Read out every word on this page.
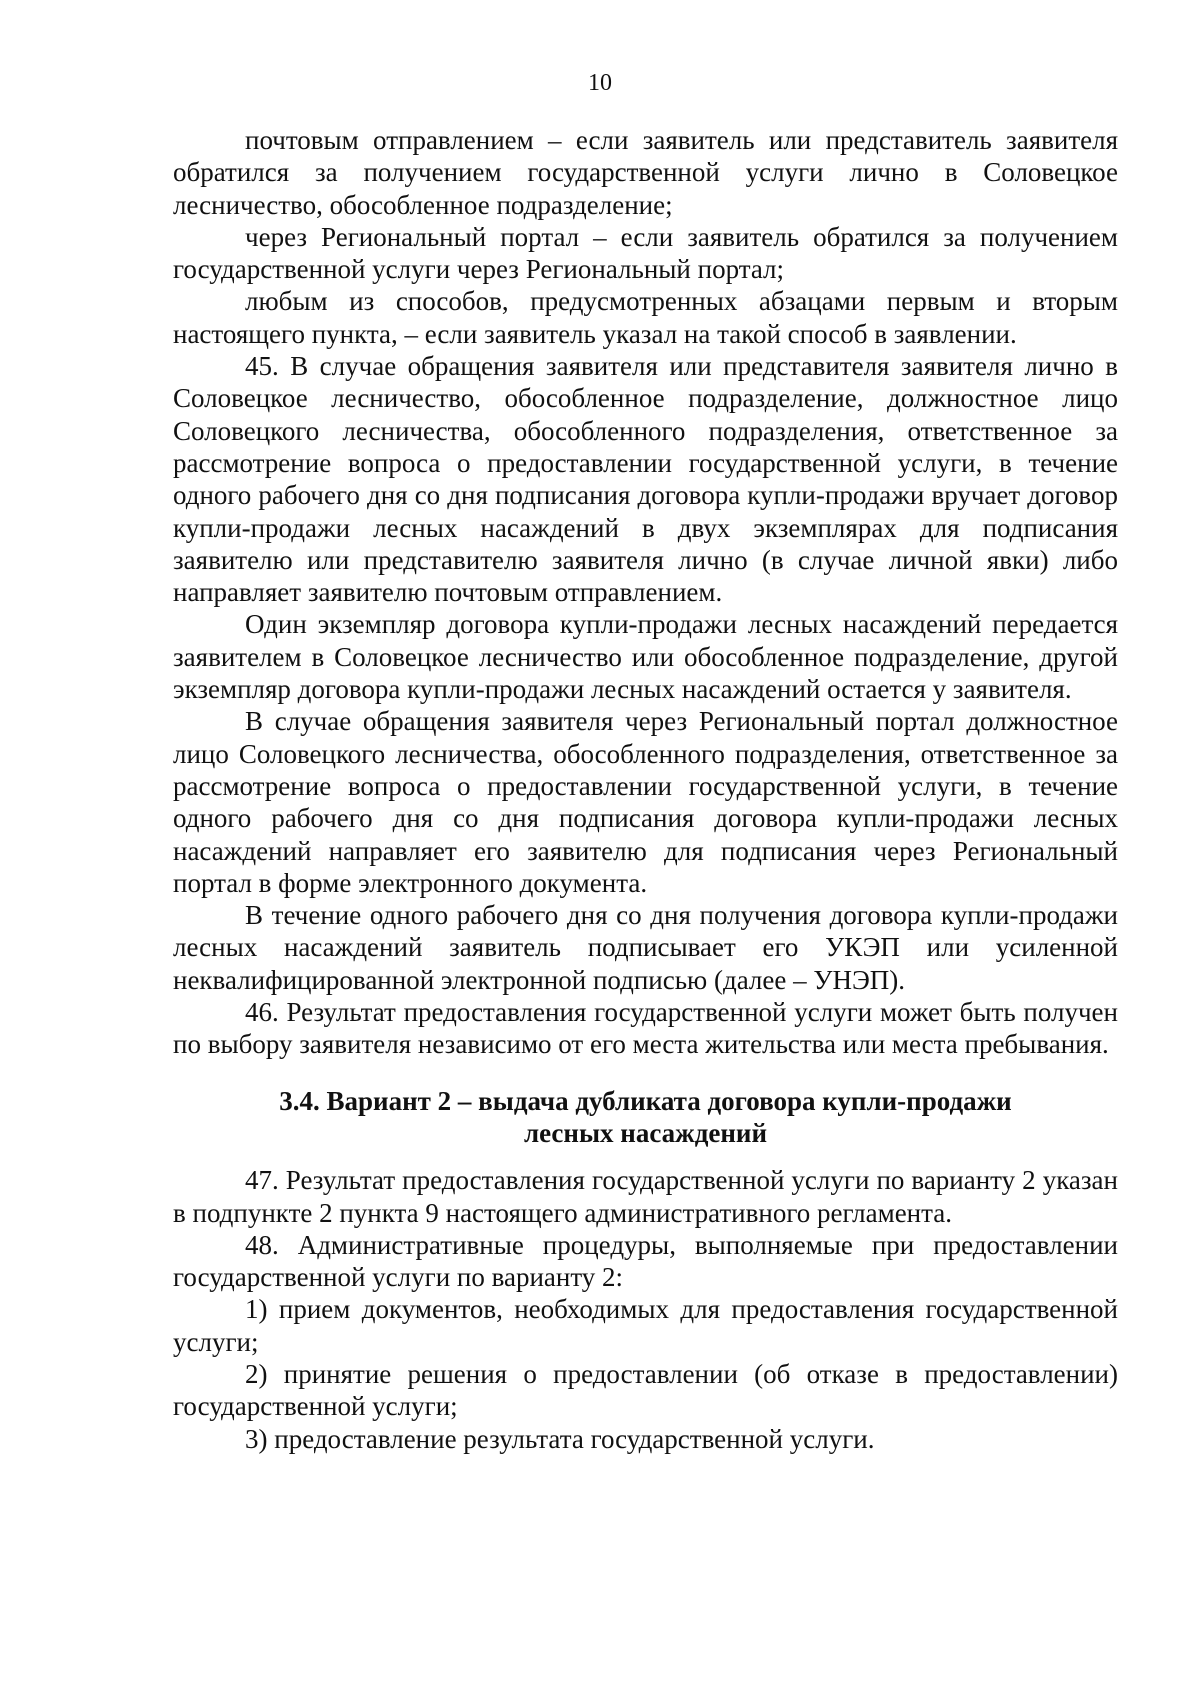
10

почтовым отправлением – если заявитель или представитель заявителя обратился за получением государственной услуги лично в Соловецкое лесничество, обособленное подразделение;

через Региональный портал – если заявитель обратился за получением государственной услуги через Региональный портал;

любым из способов, предусмотренных абзацами первым и вторым настоящего пункта, – если заявитель указал на такой способ в заявлении.

45. В случае обращения заявителя или представителя заявителя лично в Соловецкое лесничество, обособленное подразделение, должностное лицо Соловецкого лесничества, обособленного подразделения, ответственное за рассмотрение вопроса о предоставлении государственной услуги, в течение одного рабочего дня со дня подписания договора купли-продажи вручает договор купли-продажи лесных насаждений в двух экземплярах для подписания заявителю или представителю заявителя лично (в случае личной явки) либо направляет заявителю почтовым отправлением.

Один экземпляр договора купли-продажи лесных насаждений передается заявителем в Соловецкое лесничество или обособленное подразделение, другой экземпляр договора купли-продажи лесных насаждений остается у заявителя.

В случае обращения заявителя через Региональный портал должностное лицо Соловецкого лесничества, обособленного подразделения, ответственное за рассмотрение вопроса о предоставлении государственной услуги, в течение одного рабочего дня со дня подписания договора купли-продажи лесных насаждений направляет его заявителю для подписания через Региональный портал в форме электронного документа.

В течение одного рабочего дня со дня получения договора купли-продажи лесных насаждений заявитель подписывает его УКЭП или усиленной неквалифицированной электронной подписью (далее – УНЭП).

46. Результат предоставления государственной услуги может быть получен по выбору заявителя независимо от его места жительства или места пребывания.

3.4. Вариант 2 – выдача дубликата договора купли-продажи
лесных насаждений

47. Результат предоставления государственной услуги по варианту 2 указан в подпункте 2 пункта 9 настоящего административного регламента.

48. Административные процедуры, выполняемые при предоставлении государственной услуги по варианту 2:

1) прием документов, необходимых для предоставления государственной услуги;

2) принятие решения о предоставлении (об отказе в предоставлении) государственной услуги;

3) предоставление результата государственной услуги.
